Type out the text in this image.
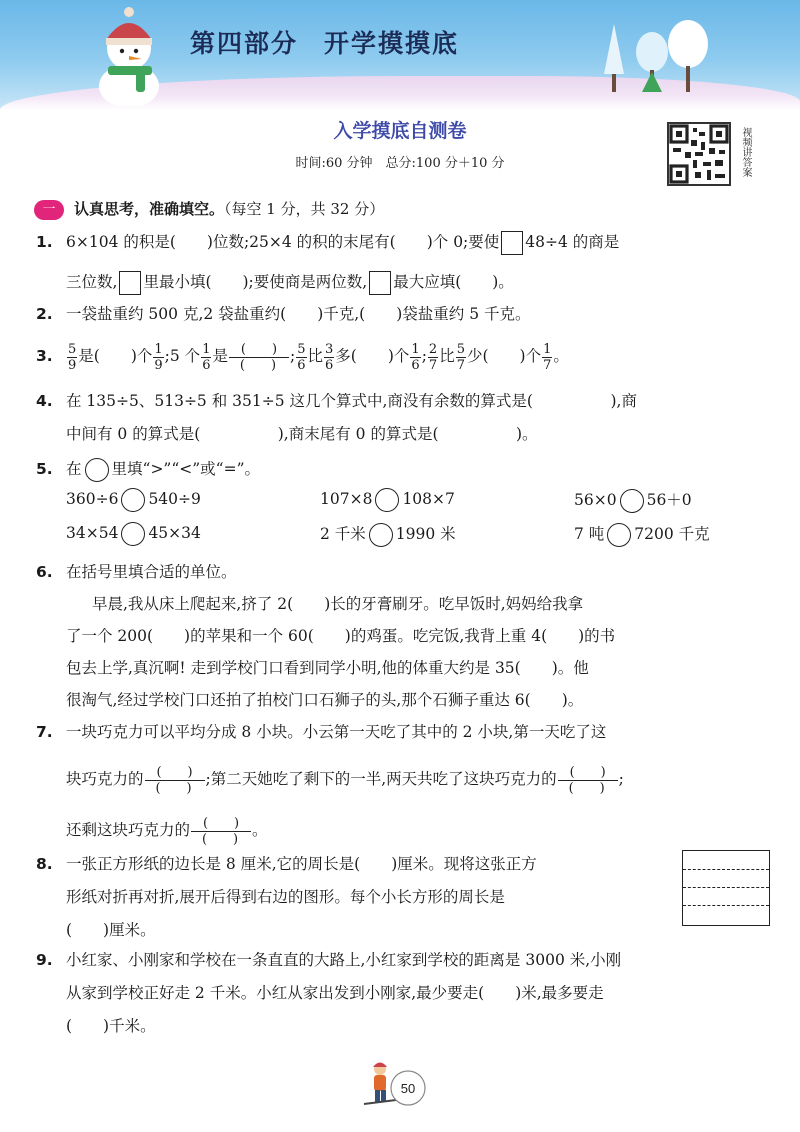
第四部分 开学摸摸底
入学摸底自测卷
时间:60 分钟　总分:100 分＋10 分	视频讲答案
一 认真思考，准确填空。（每空 1 分，共 32 分）
1. 6×104 的积是(　　)位数;25×4 的积的末尾有(　　)个 0;要使 48÷4 的商是
三位数, 里最小填(　　);要使商是两位数, 最大应填(　　)。
2. 一袋盐重约 500 克,2 袋盐重约(　　)千克,(　　)袋盐重约 5 千克。
3. $\frac{5}{9}$ 是(　　)个 $\frac{1}{9}$ ;5 个 $\frac{1}{6}$ 是 $\frac{( )}{( )}$ ; $\frac{5}{6}$ 比 $\frac{3}{6}$ 多(　　)个 $\frac{1}{6}$ ; $\frac{2}{7}$ 比 $\frac{5}{7}$ 少(　　)个 $\frac{1}{7}$ 。
4. 在 135÷5、513÷5 和 351÷5 这几个算式中,商没有余数的算式是(　　　　　),商
中间有 0 的算式是(　　　　　),商末尾有 0 的算式是(　　　　　)。
5. 在 里填“>”“<”或“=”。
360÷6 540÷9	107×8 108×7	56×0 56＋0
34×54 45×34	2 千米 1990 米	7 吨 7200 千克
6. 在括号里填合适的单位。
早晨,我从床上爬起来,挤了 2(　　)长的牙膏刷牙。吃早饭时,妈妈给我拿
了一个 200(　　)的苹果和一个 60(　　)的鸡蛋。吃完饭,我背上重 4(　　)的书
包去上学,真沉啊! 走到学校门口看到同学小明,他的体重大约是 35(　　)。他
很淘气,经过学校门口还拍了拍校门口石狮子的头,那个石狮子重达 6(　　)。
7. 一块巧克力可以平均分成 8 小块。小云第一天吃了其中的 2 小块,第一天吃了这
块巧克力的 $\frac{( )}{( )}$ ;第二天她吃了剩下的一半,两天共吃了这块巧克力的 $\frac{( )}{( )}$ ;
还剩这块巧克力的 $\frac{( )}{( )}$ 。
8. 一张正方形纸的边长是 8 厘米,它的周长是(　　)厘米。现将这张正方
形纸对折再对折,展开后得到右边的图形。每个小长方形的周长是
(　　)厘米。
9. 小红家、小刚家和学校在一条直直的大路上,小红家到学校的距离是 3000 米,小刚
从家到学校正好走 2 千米。小红从家出发到小刚家,最少要走(　　)米,最多要走
(　　)千米。
50
